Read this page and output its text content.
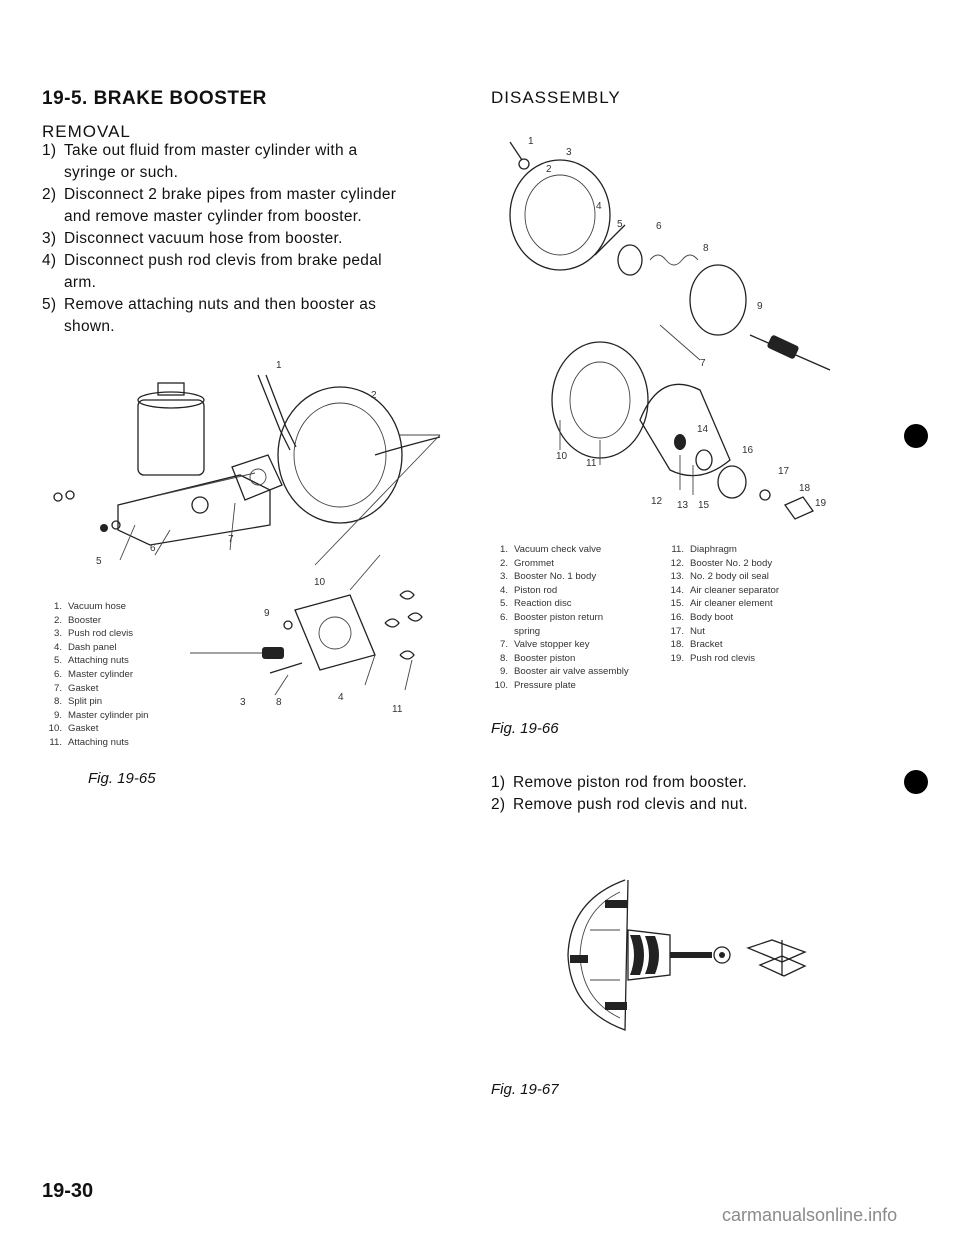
19-5. BRAKE BOOSTER
REMOVAL
1) Take out fluid from master cylinder with a
syringe or such.
2) Disconnect 2 brake pipes from master cylinder
and remove master cylinder from booster.
3) Disconnect vacuum hose from booster.
4) Disconnect push rod clevis from brake pedal
arm.
5) Remove attaching nuts and then booster as
shown.
1
2
5
6
7
10
9
3	8	4
11
1. Vacuum hose
2. Booster
3. Push rod clevis
4. Dash panel
5. Attaching nuts
6. Master cylinder
7. Gasket
8. Split pin
9. Master cylinder pin
10. Gasket
11. Attaching nuts
Fig. 19-65
19-30
DISASSEMBLY
1
2
3
4
5	6
8
9
7
14
16
10
11
17
18
19
12 13 15
1. Vacuum check valve
2. Grommet
3. Booster No. 1 body
4. Piston rod
5. Reaction disc
6. Booster piston return
spring
7. Valve stopper key
8. Booster piston
9. Booster air valve assembly
10. Pressure plate
11. Diaphragm
12. Booster No. 2 body
13. No. 2 body oil seal
14. Air cleaner separator
15. Air cleaner element
16. Body boot
17. Nut
18. Bracket
19. Push rod clevis
Fig. 19-66
1) Remove piston rod from booster.
2) Remove push rod clevis and nut.
Fig. 19-67
carmanualsonline.info
